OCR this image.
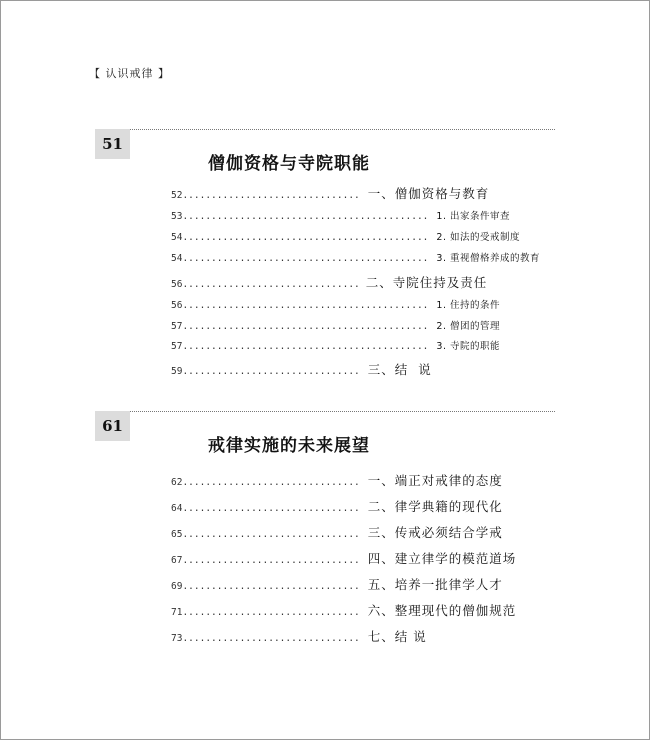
【 认识戒律 】
51
僧伽资格与寺院职能
52 ............................... 一、僧伽资格与教育
53 ........................................... 1. 出家条件审查
54 ........................................... 2. 如法的受戒制度
54 ........................................... 3. 重视僧格养成的教育
56 ............................... 二、寺院住持及责任
56 ........................................... 1. 住持的条件
57 ........................................... 2. 僧团的管理
57 ........................................... 3. 寺院的职能
59 ............................... 三、结  说
61
戒律实施的未来展望
62 ............................... 一、端正对戒律的态度
64 ............................... 二、律学典籍的现代化
65 ............................... 三、传戒必须结合学戒
67 ............................... 四、建立律学的模范道场
69 ............................... 五、培养一批律学人才
71 ............................... 六、整理现代的僧伽规范
73 ............................... 七、结 说
